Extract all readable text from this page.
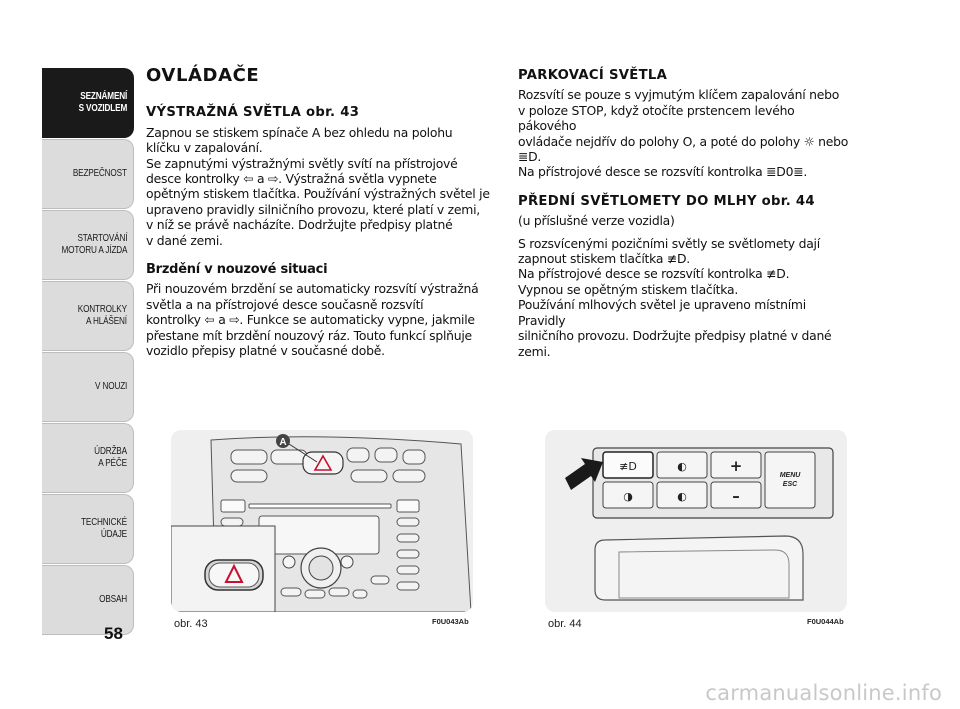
SEZNÁMENÍ
S VOZIDLEM
BEZPEČNOST
STARTOVÁNÍ
MOTORU A JÍZDA
KONTROLKY
A HLÁŠENÍ
V NOUZI
ÚDRŽBA
A PÉČE
TECHNICKÉ
ÚDAJE
OBSAH
58
OVLÁDAČE
VÝSTRAŽNÁ SVĚTLA obr. 43
Zapnou se stiskem spínače A bez ohledu na polohu
klíčku v zapalování.
Se zapnutými výstražnými světly svítí na přístrojové
desce kontrolky ⇦ a ⇨. Výstražná světla vypnete
opětným stiskem tlačítka. Používání výstražných světel je
upraveno pravidly silničního provozu, které platí v zemi,
v níž se právě nacházíte. Dodržujte předpisy platné
v dané zemi.
Brzdění v nouzové situaci
Při nouzovém brzdění se automaticky rozsvítí výstražná
světla a na přístrojové desce současně rozsvítí
kontrolky ⇦ a ⇨. Funkce se automaticky vypne, jakmile
přestane mít brzdění nouzový ráz. Touto funkcí splňuje
vozidlo přepisy platné v současné době.
PARKOVACÍ SVĚTLA
Rozsvítí se pouze s vyjmutým klíčem zapalování nebo
v poloze STOP, když otočíte prstencem levého pákového
ovládače nejdřív do polohy O, a poté do polohy ☼ nebo
≣D.
Na přístrojové desce se rozsvítí kontrolka ≣D0≣.
PŘEDNÍ SVĚTLOMETY DO MLHY obr. 44
(u příslušné verze vozidla)
S rozsvícenými pozičními světly se světlomety dají
zapnout stiskem tlačítka ≢D.
Na přístrojové desce se rozsvítí kontrolka ≢D.
Vypnou se opětným stiskem tlačítka.
Používání mlhových světel je upraveno místními Pravidly
silničního provozu. Dodržujte předpisy platné v dané
zemi.
A
obr. 43	F0U043Ab
≢D	◐
◑	◐
+
–
MENU
ESC
obr. 44	F0U044Ab
carmanualsonline.info
